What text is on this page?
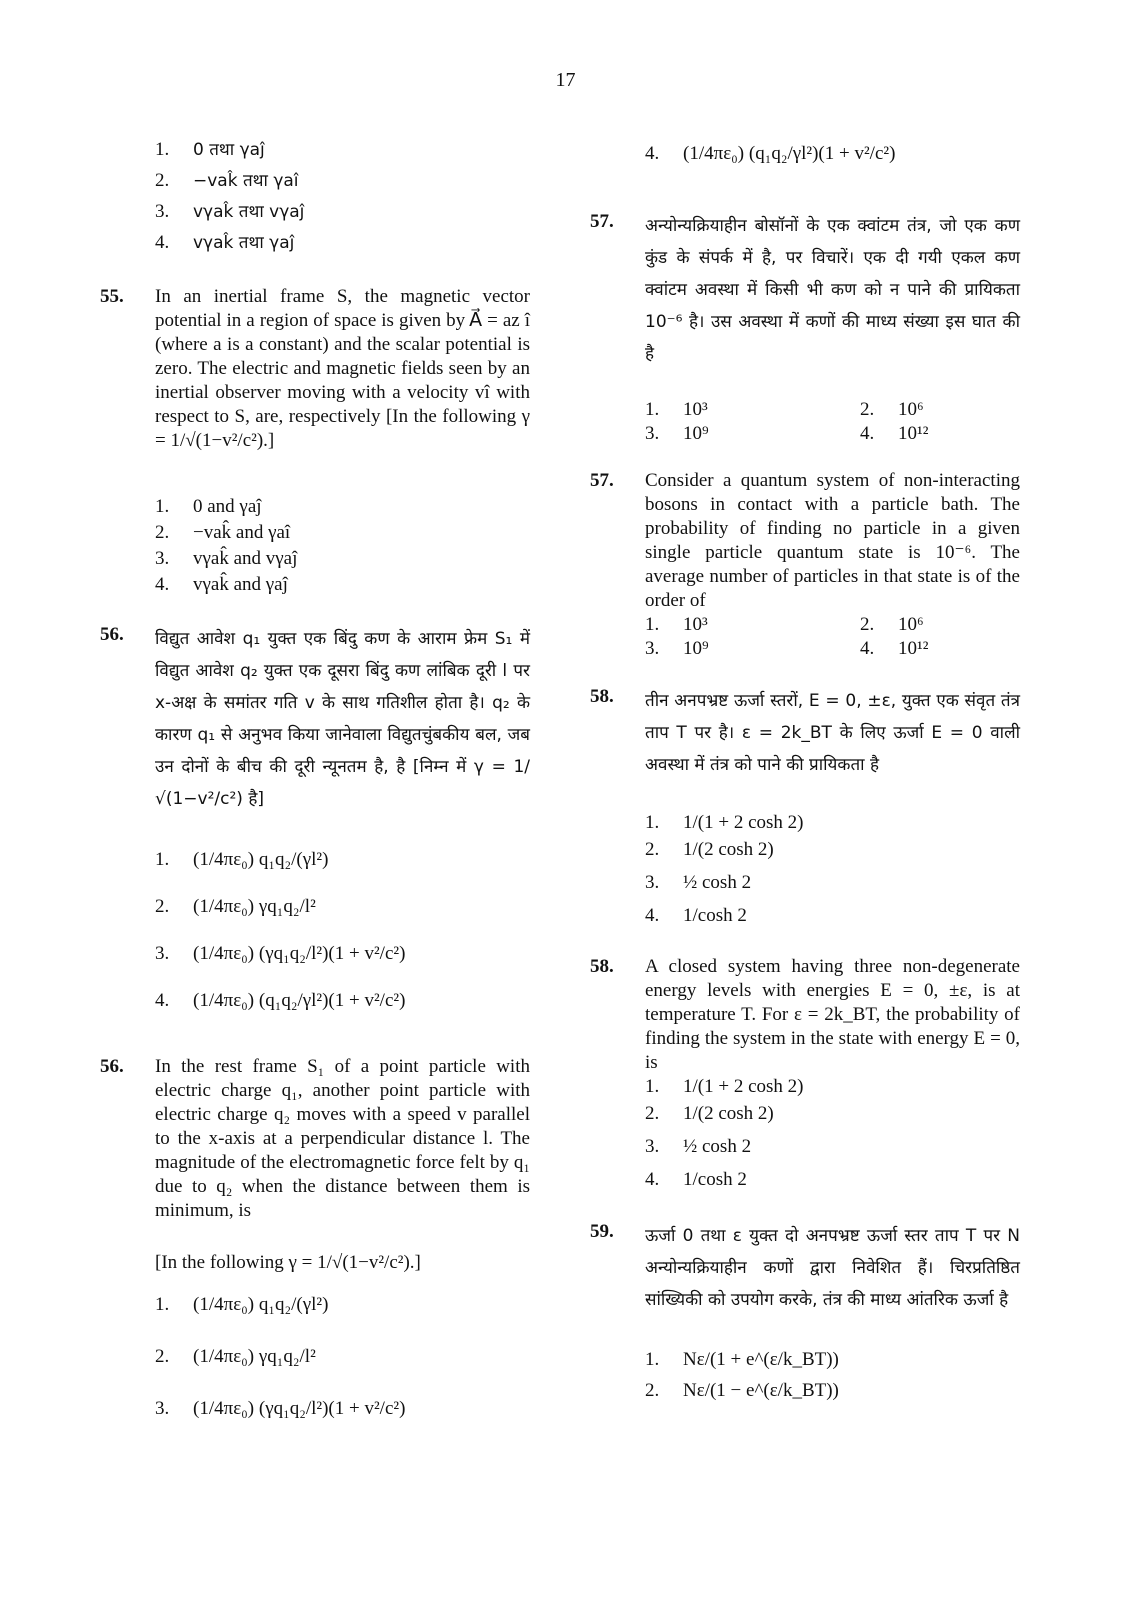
17
1. 0 तथा γaĵ
2. −vak̂ तथा γaî
3. vγak̂ तथा vγaĵ
4. vγak̂ तथा γaĵ
55. In an inertial frame S, the magnetic vector potential in a region of space is given by A⃗ = az î (where a is a constant) and the scalar potential is zero. The electric and magnetic fields seen by an inertial observer moving with a velocity vî with respect to S, are, respectively [In the following γ = 1/√(1−v²/c²).]
1. 0 and γaĵ
2. −vak̂ and γaî
3. vγak̂ and vγaĵ
4. vγak̂ and γaĵ
56. विद्युत आवेश q₁ युक्त एक बिंदु कण के आराम फ्रेम S₁ में विद्युत आवेश q₂ युक्त एक दूसरा बिंदु कण लांबिक दूरी l पर x-अक्ष के समांतर गति v के साथ गतिशील होता है। q₂ के कारण q₁ से अनुभव किया जानेवाला विद्युतचुंबकीय बल, जब उन दोनों के बीच की दूरी न्यूनतम है, है [निम्न में γ = 1/√(1−v²/c²) है]
1. (1/4πε₀) q₁q₂/(γl²)
2. (1/4πε₀) γq₁q₂/l²
3. (1/4πε₀) (γq₁q₂/l²)(1 + v²/c²)
4. (1/4πε₀) (q₁q₂/γl²)(1 + v²/c²)
56. In the rest frame S₁ of a point particle with electric charge q₁, another point particle with electric charge q₂ moves with a speed v parallel to the x-axis at a perpendicular distance l. The magnitude of the electromagnetic force felt by q₁ due to q₂ when the distance between them is minimum, is
[In the following γ = 1/√(1−v²/c²).]
1. (1/4πε₀) q₁q₂/(γl²)
2. (1/4πε₀) γq₁q₂/l²
3. (1/4πε₀) (γq₁q₂/l²)(1 + v²/c²)
4. (1/4πε₀) (q₁q₂/γl²)(1 + v²/c²)
57. अन्योन्यक्रियाहीन बोसॉनों के एक क्वांटम तंत्र, जो एक कण कुंड के संपर्क में है, पर विचारें। एक दी गयी एकल कण क्वांटम अवस्था में किसी भी कण को न पाने की प्रायिकता 10⁻⁶ है। उस अवस्था में कणों की माध्य संख्या इस घात की है
1. 10³	2. 10⁶
3. 10⁹	4. 10¹²
57. Consider a quantum system of non-interacting bosons in contact with a particle bath. The probability of finding no particle in a given single particle quantum state is 10⁻⁶. The average number of particles in that state is of the order of
1. 10³	2. 10⁶
3. 10⁹	4. 10¹²
58. तीन अनपभ्रष्ट ऊर्जा स्तरों, E = 0, ±ε, युक्त एक संवृत तंत्र ताप T पर है। ε = 2k_BT के लिए ऊर्जा E = 0 वाली अवस्था में तंत्र को पाने की प्रायिकता है
1. 1/(1 + 2 cosh 2)
2. 1/(2 cosh 2)
3. ½ cosh 2
4. 1/cosh 2
58. A closed system having three non-degenerate energy levels with energies E = 0, ±ε, is at temperature T. For ε = 2k_BT, the probability of finding the system in the state with energy E = 0, is
1. 1/(1 + 2 cosh 2)
2. 1/(2 cosh 2)
3. ½ cosh 2
4. 1/cosh 2
59. ऊर्जा 0 तथा ε युक्त दो अनपभ्रष्ट ऊर्जा स्तर ताप T पर N अन्योन्यक्रियाहीन कणों द्वारा निवेशित हैं। चिरप्रतिष्ठित सांख्यिकी को उपयोग करके, तंत्र की माध्य आंतरिक ऊर्जा है
1. Nε/(1 + e^(ε/k_BT))
2. Nε/(1 − e^(ε/k_BT))
